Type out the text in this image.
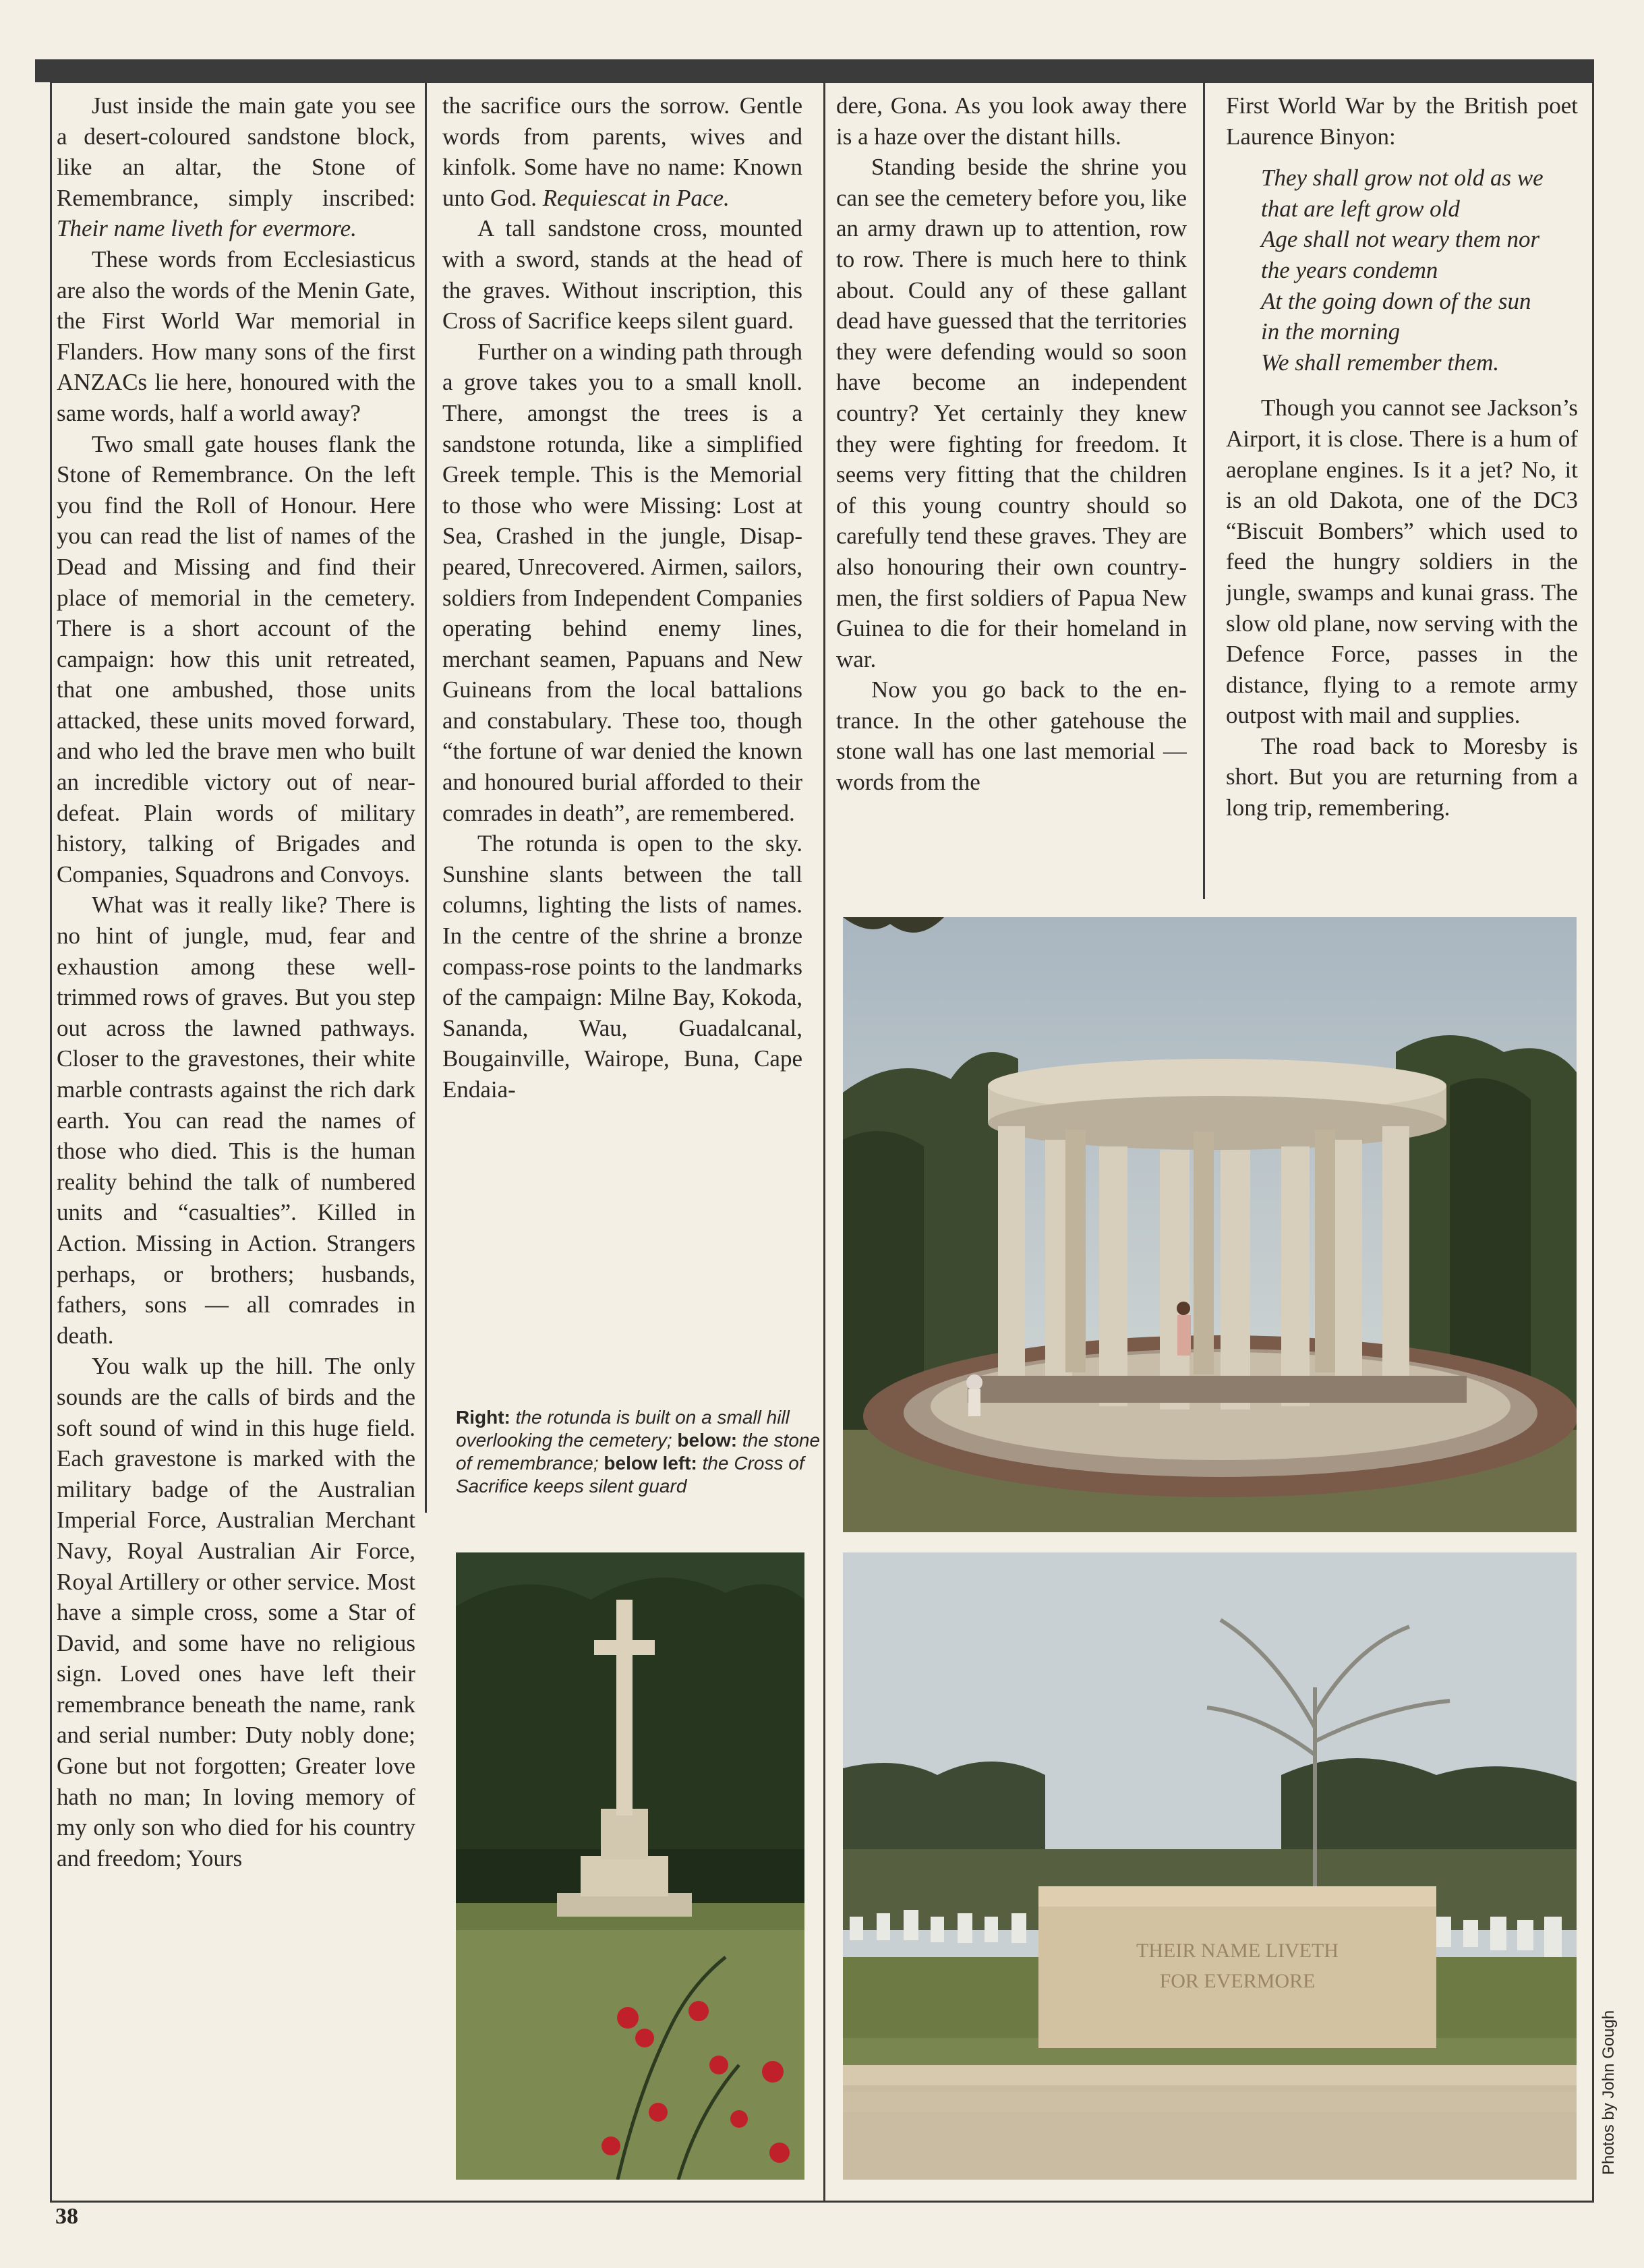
Just inside the main gate you see a desert-coloured sandstone block, like an altar, the Stone of Remembrance, simply inscribed: Their name liveth for evermore.

These words from Ecclesiasticus are also the words of the Menin Gate, the First World War memorial in Flanders. How many sons of the first ANZACs lie here, honoured with the same words, half a world away?

Two small gate houses flank the Stone of Remembrance. On the left you find the Roll of Honour. Here you can read the list of names of the Dead and Missing and find their place of memorial in the cemetery. There is a short account of the campaign: how this unit retreated, that one ambushed, those units attacked, these units moved forward, and who led the brave men who built an incredible victory out of near-defeat. Plain words of military history, talking of Brigades and Companies, Squadrons and Convoys.

What was it really like? There is no hint of jungle, mud, fear and exhaustion among these well-trimmed rows of graves. But you step out across the lawned pathways. Closer to the gravestones, their white marble contrasts against the rich dark earth. You can read the names of those who died. This is the human reality behind the talk of numbered units and “casualties”. Killed in Action. Missing in Action. Strangers perhaps, or brothers; husbands, fathers, sons — all comrades in death.

You walk up the hill. The only sounds are the calls of birds and the soft sound of wind in this huge field. Each gravestone is marked with the military badge of the Australian Imperial Force, Australian Merchant Navy, Royal Australian Air Force, Royal Artillery or other service. Most have a simple cross, some a Star of David, and some have no religious sign. Loved ones have left their remembrance beneath the name, rank and serial number: Duty nobly done; Gone but not forgotten; Greater love hath no man; In loving memory of my only son who died for his country and freedom; Yours

the sacrifice ours the sorrow. Gentle words from parents, wives and kinfolk. Some have no name: Known unto God. Requiescat in Pace.

A tall sandstone cross, mounted with a sword, stands at the head of the graves. Without inscription, this Cross of Sacrifice keeps silent guard.

Further on a winding path through a grove takes you to a small knoll. There, amongst the trees is a sandstone rotunda, like a simplified Greek temple. This is the Memorial to those who were Missing: Lost at Sea, Crashed in the jungle, Disappeared, Unrecovered. Airmen, sailors, soldiers from Independent Companies operating behind enemy lines, merchant seamen, Papuans and New Guineans from the local battalions and constabulary. These too, though “the fortune of war denied the known and honoured burial afforded to their comrades in death”, are remembered.

The rotunda is open to the sky. Sunshine slants between the tall columns, lighting the lists of names. In the centre of the shrine a bronze compass-rose points to the landmarks of the campaign: Milne Bay, Kokoda, Sananda, Wau, Guadalcanal, Bougainville, Wairope, Buna, Cape Endaia-

dere, Gona. As you look away there is a haze over the distant hills.

Standing beside the shrine you can see the cemetery before you, like an army drawn up to attention, row to row. There is much here to think about. Could any of these gallant dead have guessed that the territories they were defending would so soon have become an independent country? Yet certainly they knew they were fighting for freedom. It seems very fitting that the children of this young country should so carefully tend these graves. They are also honouring their own countrymen, the first soldiers of Papua New Guinea to die for their homeland in war.

Now you go back to the entrance. In the other gatehouse the stone wall has one last memorial — words from the

First World War by the British poet Laurence Binyon:

They shall grow not old as we
that are left grow old
Age shall not weary them nor
the years condemn
At the going down of the sun
in the morning
We shall remember them.

Though you cannot see Jackson’s Airport, it is close. There is a hum of aeroplane engines. Is it a jet? No, it is an old Dakota, one of the DC3 “Biscuit Bombers” which used to feed the hungry soldiers in the jungle, swamps and kunai grass. The slow old plane, now serving with the Defence Force, passes in the distance, flying to a remote army outpost with mail and supplies.

The road back to Moresby is short. But you are returning from a long trip, remembering.

Right: the rotunda is built on a small hill overlooking the cemetery; below: the stone of remembrance; below left: the Cross of Sacrifice keeps silent guard
THEIR NAME LIVETH
FOR EVERMORE
38
Photos by John Gough
